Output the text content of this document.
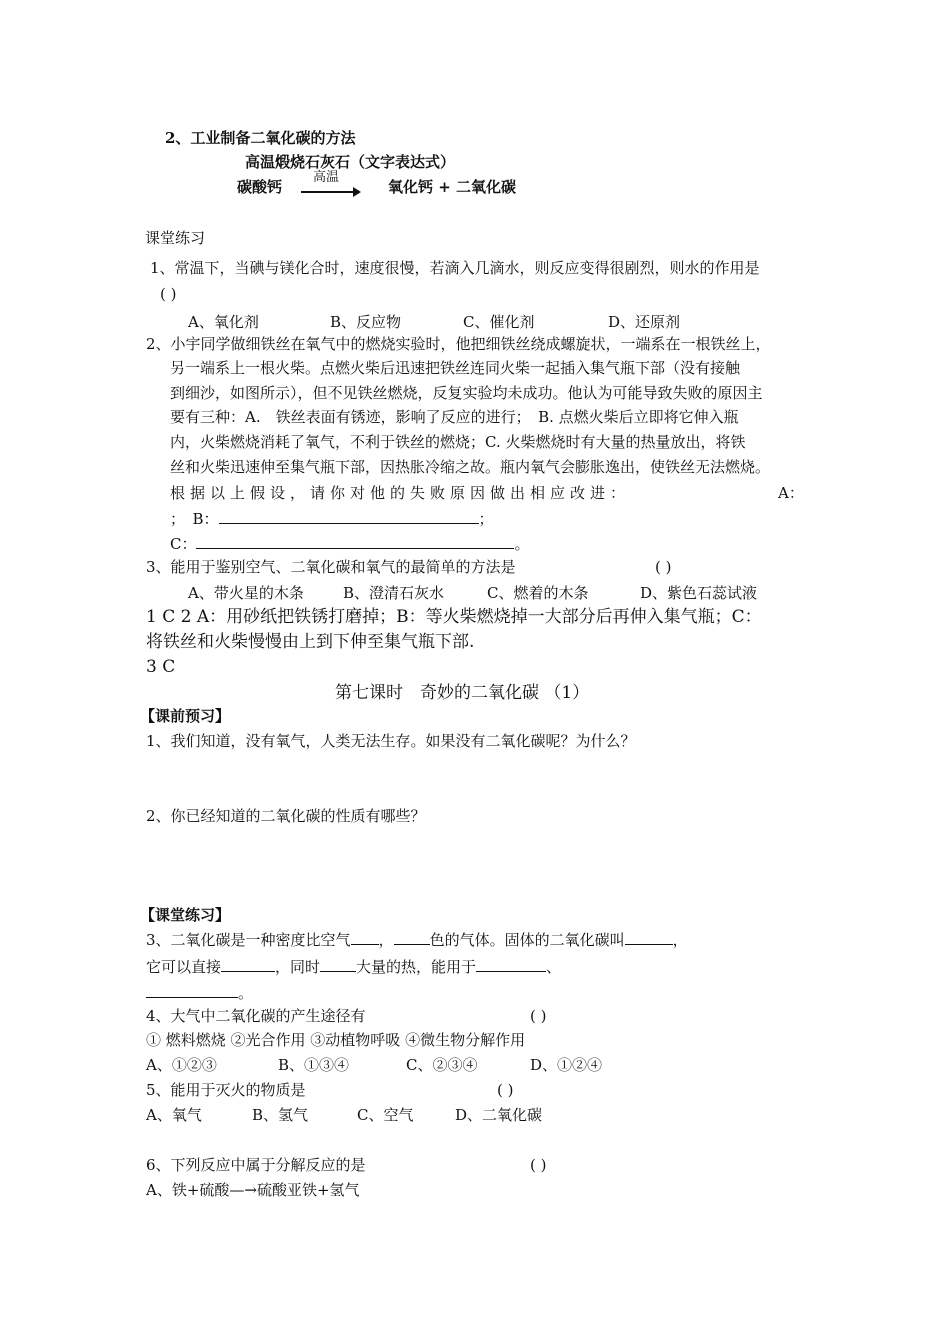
2、工业制备二氧化碳的方法
高温煅烧石灰石（文字表达式）
碳酸钙
高温
氧化钙 + 二氧化碳
课堂练习
1、常温下，当碘与镁化合时，速度很慢，若滴入几滴水，则反应变得很剧烈，则水的作用是
( )
A、氧化剂	B、反应物	C、催化剂	D、还原剂
2、小宇同学做细铁丝在氧气中的燃烧实验时，他把细铁丝绕成螺旋状，一端系在一根铁丝上，
另一端系上一根火柴。点燃火柴后迅速把铁丝连同火柴一起插入集气瓶下部（没有接触
到细沙，如图所示），但不见铁丝燃烧，反复实验均未成功。他认为可能导致失败的原因主
要有三种：A.　铁丝表面有锈迹，影响了反应的进行；　B. 点燃火柴后立即将它伸入瓶
内，火柴燃烧消耗了氧气，不利于铁丝的燃烧；C. 火柴燃烧时有大量的热量放出，将铁
丝和火柴迅速伸至集气瓶下部，因热胀冷缩之故。瓶内氧气会膨胀逸出，使铁丝无法燃烧。
根据以上假设，请你对他的失败原因做出相应改进：	A：
；　B：	；
C：	。
3、能用于鉴别空气、二氧化碳和氧气的最简单的方法是	( )
A、带火星的木条	B、澄清石灰水	C、燃着的木条	D、紫色石蕊试液
1 C 2 A：用砂纸把铁锈打磨掉；B：等火柴燃烧掉一大部分后再伸入集气瓶；C：
将铁丝和火柴慢慢由上到下伸至集气瓶下部.
3 C
第七课时　奇妙的二氧化碳 （1）
【课前预习】
1、我们知道，没有氧气，人类无法生存。如果没有二氧化碳呢？为什么？
2、你已经知道的二氧化碳的性质有哪些？
【课堂练习】
3、二氧化碳是一种密度比空气 ， 色的气体。固体的二氧化碳叫	，
它可以直接	，同时 大量的热，能用于	、
。
4、大气中二氧化碳的产生途径有	( )
① 燃料燃烧 ②光合作用 ③动植物呼吸 ④微生物分解作用
A、①②③	B、①③④	C、②③④	D、①②④
5、能用于灭火的物质是	( )
A、氧气	B、氢气	C、空气	D、二氧化碳
6、下列反应中属于分解反应的是	( )
A、铁+硫酸—→硫酸亚铁+氢气
